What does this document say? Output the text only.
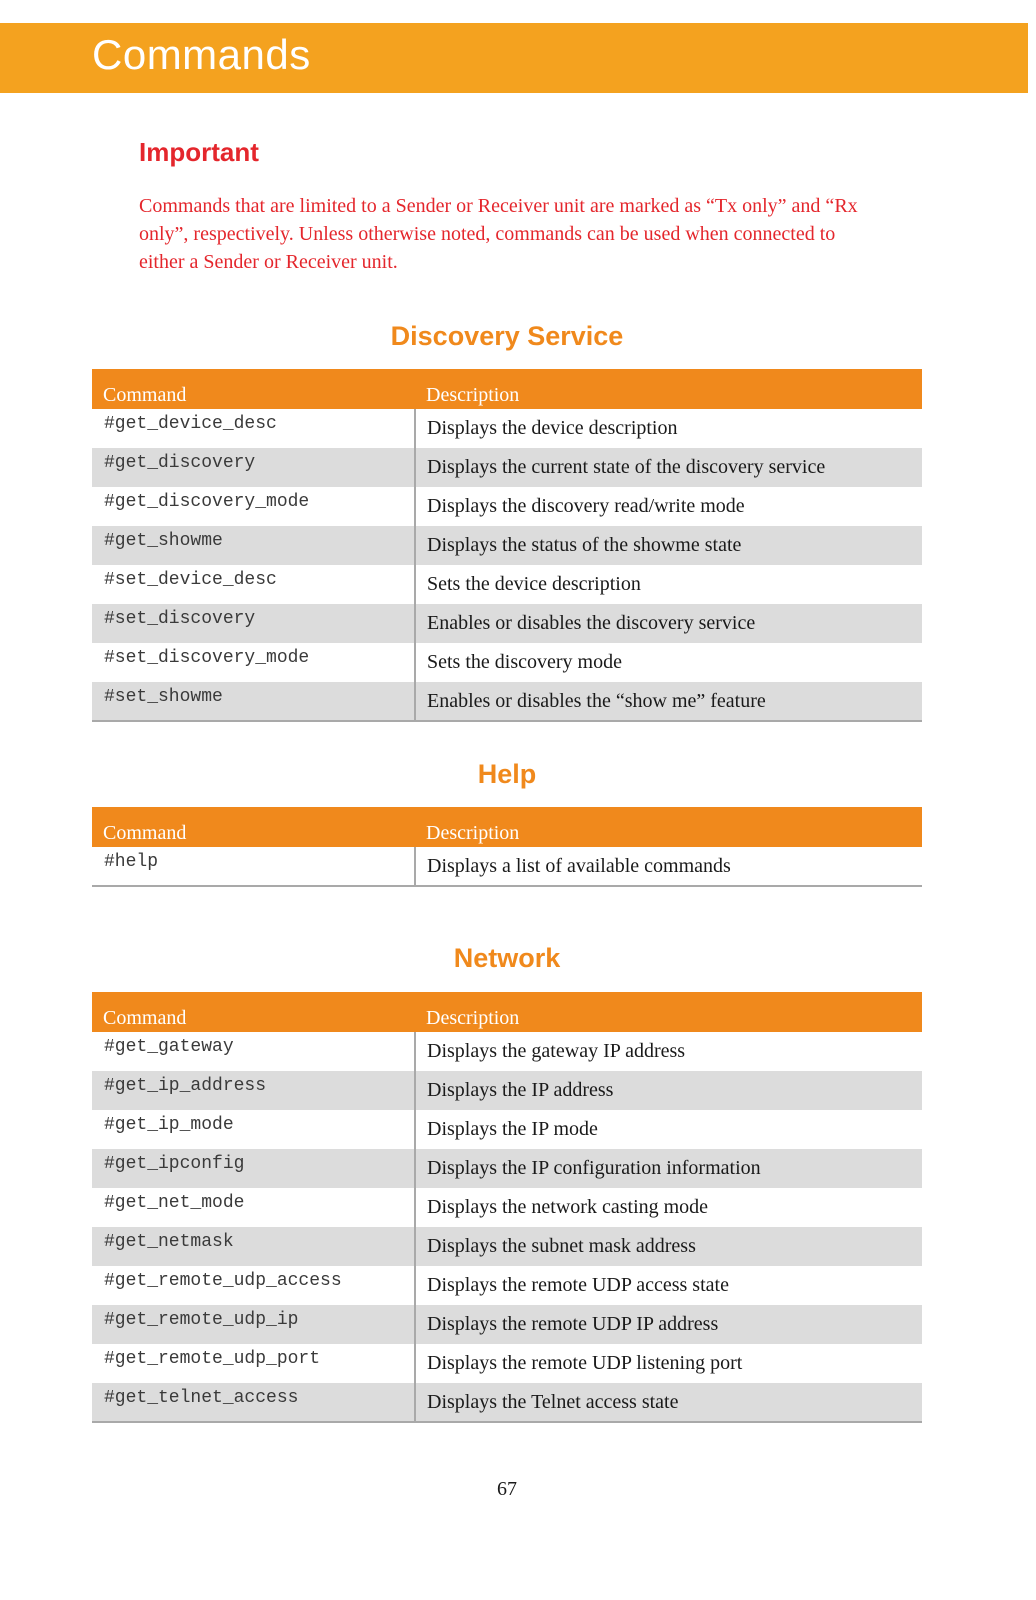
Commands
Important
Commands that are limited to a Sender or Receiver unit are marked as “Tx only” and “Rx only”, respectively. Unless otherwise noted, commands can be used when connected to either a Sender or Receiver unit.
Discovery Service
Command	Description
#get_device_desc	Displays the device description
#get_discovery	Displays the current state of the discovery service
#get_discovery_mode	Displays the discovery read/write mode
#get_showme	Displays the status of the showme state
#set_device_desc	Sets the device description
#set_discovery	Enables or disables the discovery service
#set_discovery_mode	Sets the discovery mode
#set_showme	Enables or disables the “show me” feature
Help
Command	Description
#help	Displays a list of available commands
Network
Command	Description
#get_gateway	Displays the gateway IP address
#get_ip_address	Displays the IP address
#get_ip_mode	Displays the IP mode
#get_ipconfig	Displays the IP configuration information
#get_net_mode	Displays the network casting mode
#get_netmask	Displays the subnet mask address
#get_remote_udp_access	Displays the remote UDP access state
#get_remote_udp_ip	Displays the remote UDP IP address
#get_remote_udp_port	Displays the remote UDP listening port
#get_telnet_access	Displays the Telnet access state
67
